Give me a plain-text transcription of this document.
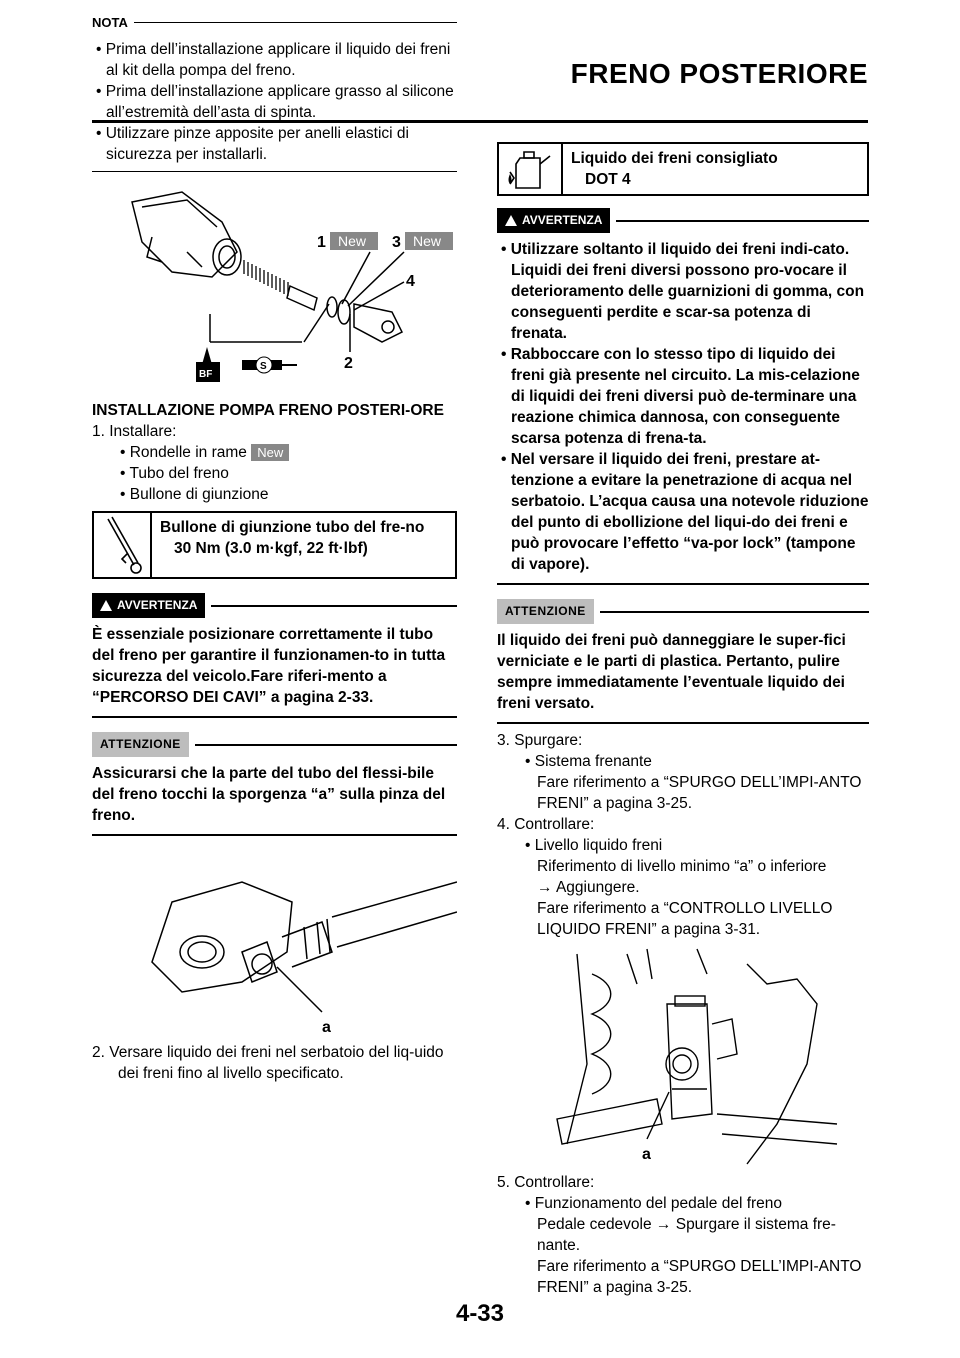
FRENO POSTERIORE
NOTA
• Prima dell’installazione applicare il liquido dei freni al kit della pompa del freno.
• Prima dell’installazione applicare grasso al silicone all’estremità dell’asta di spinta.
• Utilizzare pinze apposite per anelli elastici di sicurezza per installarli.
BF
S
1 New 3 New
4
2
INSTALLAZIONE POMPA FRENO POSTERI-ORE
1. Installare:
• Rondelle in rame New
• Tubo del freno
• Bullone di giunzione
Bullone di giunzione tubo del fre-no
30 Nm (3.0 m·kgf, 22 ft·lbf)
AVVERTENZA
È essenziale posizionare correttamente il tubo del freno per garantire il funzionamen-to in tutta sicurezza del veicolo.Fare riferi-mento a “PERCORSO DEI CAVI” a pagina 2-33.
ATTENZIONE
Assicurarsi che la parte del tubo del flessi-bile del freno tocchi la sporgenza “a” sulla pinza del freno.
a
2. Versare liquido dei freni nel serbatoio del liq-uido dei freni fino al livello specificato.
Liquido dei freni consigliato
DOT 4
AVVERTENZA
• Utilizzare soltanto il liquido dei freni indi-cato. Liquidi dei freni diversi possono pro-vocare il deterioramento delle guarnizioni di gomma, con conseguenti perdite e scar-sa potenza di frenata.
• Rabboccare con lo stesso tipo di liquido dei freni già presente nel circuito. La mis-celazione di liquidi dei freni diversi può de-terminare una reazione chimica dannosa, con conseguente scarsa potenza di frena-ta.
• Nel versare il liquido dei freni, prestare at-tenzione a evitare la penetrazione di acqua nel serbatoio. L’acqua causa una notevole riduzione del punto di ebollizione del liqui-do dei freni e può provocare l’effetto “va-por lock” (tampone di vapore).
ATTENZIONE
Il liquido dei freni può danneggiare le super-fici verniciate e le parti di plastica. Pertanto, pulire sempre immediatamente l’eventuale liquido dei freni versato.
3. Spurgare:
• Sistema frenante
Fare riferimento a “SPURGO DELL’IMPI-ANTO FRENI” a pagina 3-25.
4. Controllare:
• Livello liquido freni
Riferimento di livello minimo “a” o inferiore
→ Aggiungere.
Fare riferimento a “CONTROLLO LIVELLO LIQUIDO FRENI” a pagina 3-31.
a
5. Controllare:
• Funzionamento del pedale del freno
Pedale cedevole → Spurgare il sistema fre-nante.
Fare riferimento a “SPURGO DELL’IMPI-ANTO FRENI” a pagina 3-25.
4-33
